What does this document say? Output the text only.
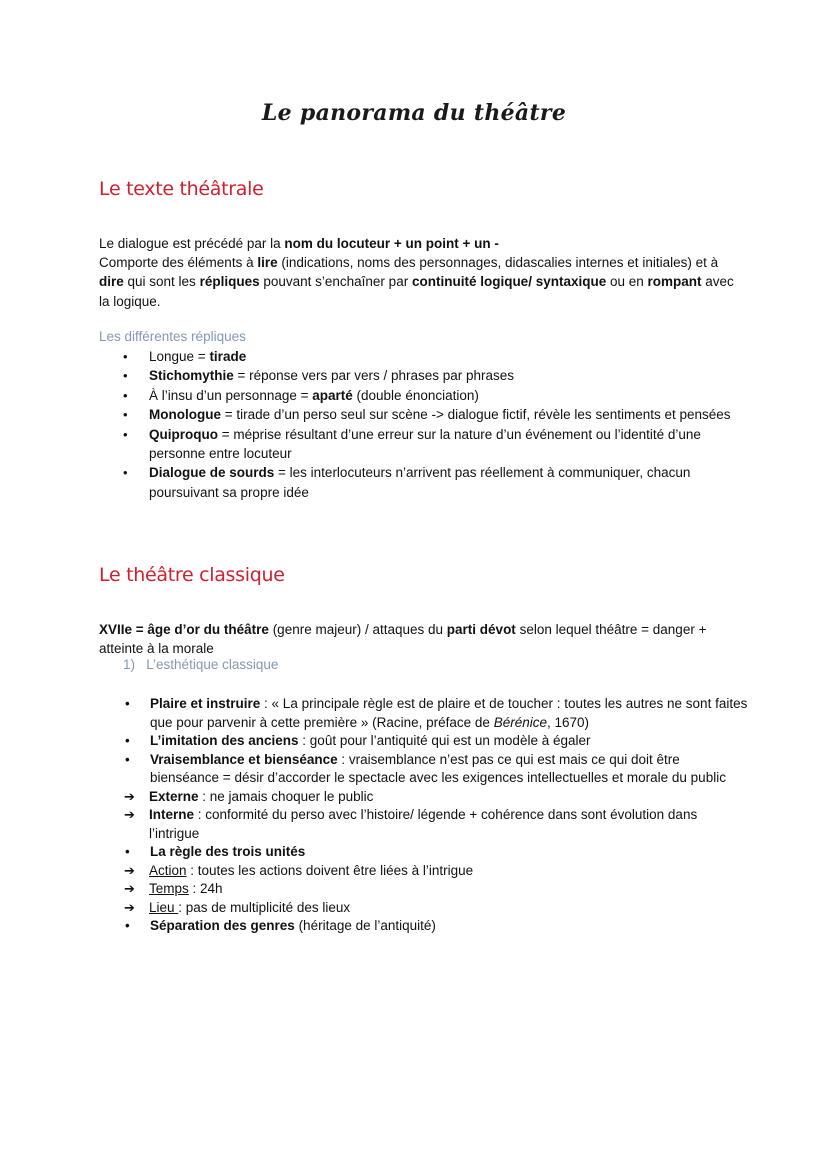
Le panorama du théâtre
Le texte théâtrale
Le dialogue est précédé par la nom du locuteur + un point + un -
Comporte des éléments à lire (indications, noms des personnages, didascalies internes et initiales) et à dire qui sont les répliques pouvant s’enchaîner par continuité logique/ syntaxique ou en rompant avec la logique.
Les différentes répliques
• Longue = tirade
• Stichomythie = réponse vers par vers / phrases par phrases
• À l’insu d’un personnage = aparté (double énonciation)
• Monologue = tirade d’un perso seul sur scène -> dialogue fictif, révèle les sentiments et pensées
• Quiproquo = méprise résultant d’une erreur sur la nature d’un événement ou l’identité d’une personne entre locuteur
• Dialogue de sourds = les interlocuteurs n’arrivent pas réellement à communiquer, chacun poursuivant sa propre idée
Le théâtre classique
XVIIe = âge d’or du théâtre (genre majeur) / attaques du parti dévot selon lequel théâtre = danger + atteinte à la morale
1) L’esthétique classique
• Plaire et instruire : « La principale règle est de plaire et de toucher : toutes les autres ne sont faites que pour parvenir à cette première » (Racine, préface de Bérénice, 1670)
• L’imitation des anciens : goût pour l’antiquité qui est un modèle à égaler
• Vraisemblance et bienséance : vraisemblance n’est pas ce qui est mais ce qui doit être bienséance = désir d’accorder le spectacle avec les exigences intellectuelles et morale du public
➔ Externe : ne jamais choquer le public
➔ Interne : conformité du perso avec l’histoire/ légende + cohérence dans sont évolution dans l’intrigue
• La règle des trois unités
➔ Action : toutes les actions doivent être liées à l’intrigue
➔ Temps : 24h
➔ Lieu : pas de multiplicité des lieux
• Séparation des genres (héritage de l’antiquité)
